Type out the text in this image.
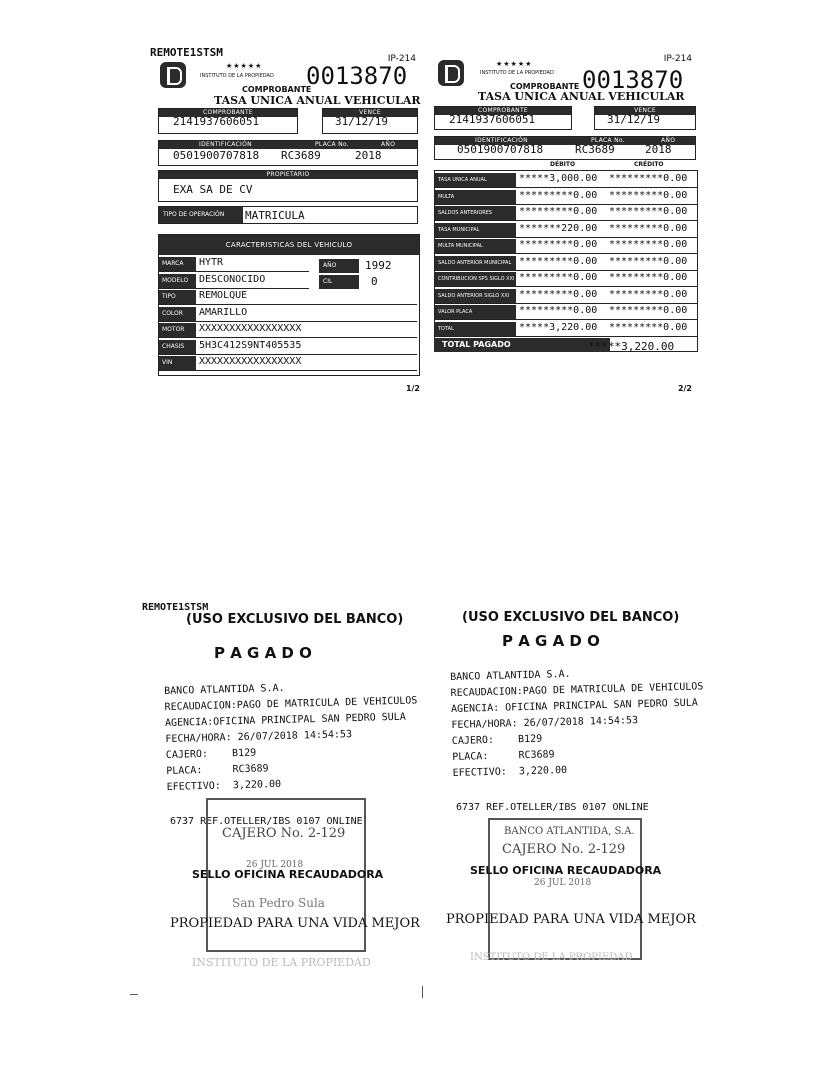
REMOTE1STSM	IP-214
★★★★★
INSTITUTO DE LA PROPIEDAD 0013870
COMPROBANTE
TASA UNICA ANUAL VEHICULAR
COMPROBANTE
2141937606051
VENCE
31/12/19
IDENTIFICACIÓN	PLACA No.	AÑO
0501900707818 RC3689	2018
PROPIETARIO
EXA SA DE CV
TIPO DE OPERACIÓN	MATRICULA
CARACTERISTICAS DEL VEHICULO
MARCA	HYTR
MODELO	DESCONOCIDO
TIPO	REMOLQUE
COLOR	AMARILLO
MOTOR	XXXXXXXXXXXXXXXXX
CHASIS	5H3C412S9NT405535
VIN	XXXXXXXXXXXXXXXXX
AÑO	1992
CIL	0
1/2
IP-214
★★★★★
INSTITUTO DE LA PROPIEDAD 0013870
COMPROBANTE
TASA UNICA ANUAL VEHICULAR
COMPROBANTE
2141937606051
VENCE
31/12/19
IDENTIFICACIÓN	PLACA No.	AÑO
0501900707818	RC3689	2018
DÉBITO	CRÉDITO
TASA UNICA ANUAL	*****3,000.00 *********0.00
MULTA	*********0.00 *********0.00
SALDOS ANTERIORES	*********0.00 *********0.00
TASA MUNICIPAL	*******220.00 *********0.00
MULTA MUNICIPAL	*********0.00 *********0.00
SALDO ANTERIOR MUNICIPAL *********0.00 *********0.00
CONTRIBUCION SPS SIGLO XXI *********0.00 *********0.00
SALDO ANTERIOR SIGLO XXI *********0.00 *********0.00
VALOR PLACA	*********0.00 *********0.00
TOTAL	*****3,220.00 *********0.00
TOTAL PAGADO	*****3,220.00
2/2
REMOTE1STSM
(USO EXCLUSIVO DEL BANCO)
P A G A D O
BANCO ATLANTIDA S.A.
RECAUDACION:PAGO DE MATRICULA DE VEHICULOS
AGENCIA:OFICINA PRINCIPAL SAN PEDRO SULA
FECHA/HORA: 26/07/2018 14:54:53
CAJERO: B129
PLACA:	RC3689
EFECTIVO: 3,220.00
6737 REF.OTELLER/IBS 0107 ONLINE
CAJERO No. 2-129
26 JUL 2018
San Pedro Sula
SELLO OFICINA RECAUDADORA
PROPIEDAD PARA UNA VIDA MEJOR
INSTITUTO DE LA PROPIEDAD
(USO EXCLUSIVO DEL BANCO)
P A G A D O
BANCO ATLANTIDA S.A.
RECAUDACION:PAGO DE MATRICULA DE VEHICULOS
AGENCIA: OFICINA PRINCIPAL SAN PEDRO SULA
FECHA/HORA: 26/07/2018 14:54:53
CAJERO: B129
PLACA:	RC3689
EFECTIVO: 3,220.00
6737 REF.OTELLER/IBS 0107 ONLINE
BANCO ATLANTIDA, S.A.
CAJERO No. 2-129
26 JUL 2018
SELLO OFICINA RECAUDADORA
PROPIEDAD PARA UNA VIDA MEJOR
INSTITUTO DE LA PROPIEDAD
